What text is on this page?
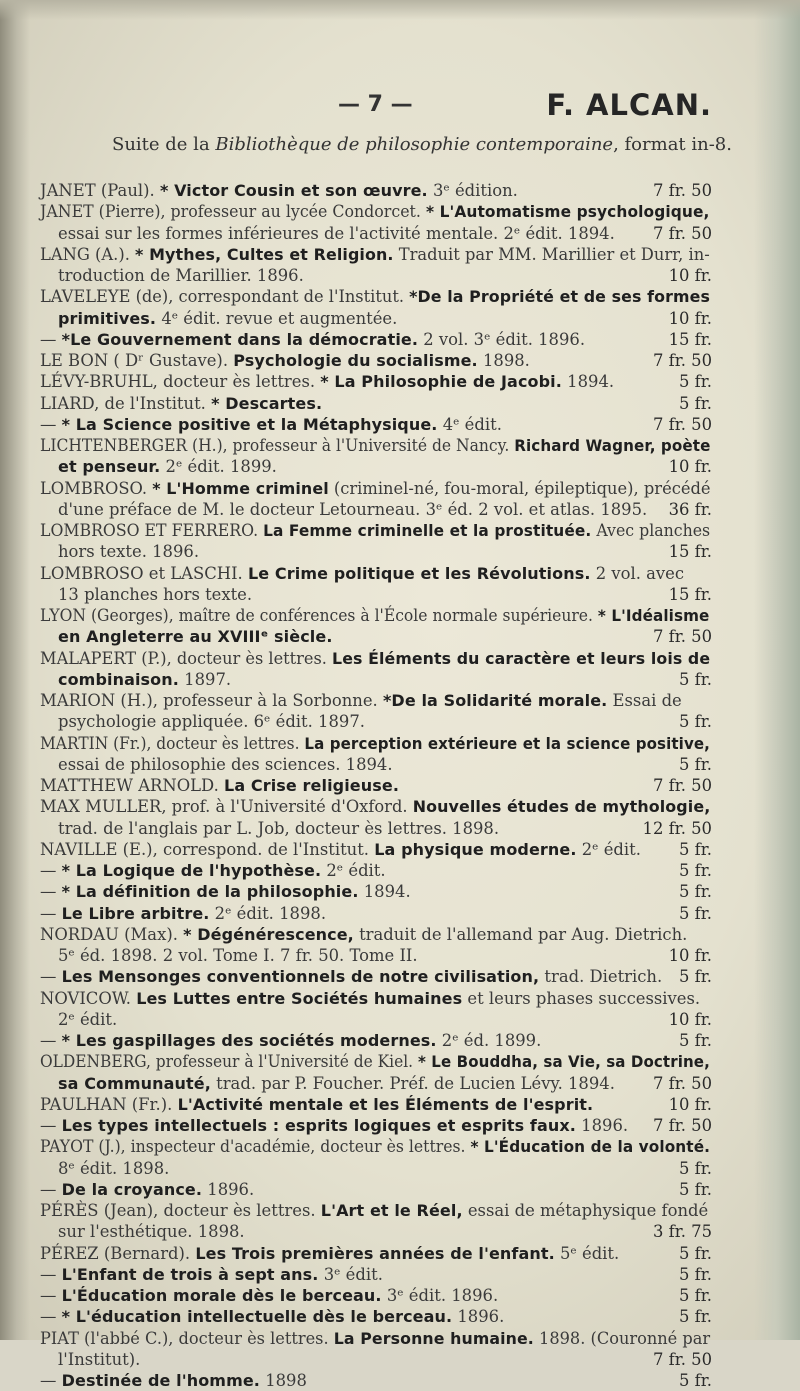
— 7 —	F. ALCAN.
Suite de la Bibliothèque de philosophie contemporaine, format in-8.
JANET (Paul). * Victor Cousin et son œuvre. 3ᵉ édition.	7 fr. 50
JANET (Pierre), professeur au lycée Condorcet. * L'Automatisme psychologique,
essai sur les formes inférieures de l'activité mentale. 2ᵉ édit. 1894. 7 fr. 50
LANG (A.). * Mythes, Cultes et Religion. Traduit par MM. Marillier et Durr, in-
troduction de Marillier. 1896.	10 fr.
LAVELEYE (de), correspondant de l'Institut. *De la Propriété et de ses formes
primitives. 4ᵉ édit. revue et augmentée.	10 fr.
— *Le Gouvernement dans la démocratie. 2 vol. 3ᵉ édit. 1896.	15 fr.
LE BON ( Dʳ Gustave). Psychologie du socialisme. 1898.	7 fr. 50
LÉVY-BRUHL, docteur ès lettres. * La Philosophie de Jacobi. 1894.	5 fr.
LIARD, de l'Institut. * Descartes.	5 fr.
— * La Science positive et la Métaphysique. 4ᵉ édit.	7 fr. 50
LICHTENBERGER (H.), professeur à l'Université de Nancy. Richard Wagner, poète
et penseur. 2ᵉ édit. 1899.	10 fr.
LOMBROSO. * L'Homme criminel (criminel-né, fou-moral, épileptique), précédé
d'une préface de M. le docteur Letourneau. 3ᵉ éd. 2 vol. et atlas. 1895. 36 fr.
LOMBROSO ET FERRERO. La Femme criminelle et la prostituée. Avec planches
hors texte. 1896.	15 fr.
LOMBROSO et LASCHI. Le Crime politique et les Révolutions. 2 vol. avec
13 planches hors texte.	15 fr.
LYON (Georges), maître de conférences à l'École normale supérieure. * L'Idéalisme
en Angleterre au XVIIIᵉ siècle.	7 fr. 50
MALAPERT (P.), docteur ès lettres. Les Éléments du caractère et leurs lois de
combinaison. 1897.	5 fr.
MARION (H.), professeur à la Sorbonne. *De la Solidarité morale. Essai de
psychologie appliquée. 6ᵉ édit. 1897.	5 fr.
MARTIN (Fr.), docteur ès lettres. La perception extérieure et la science positive,
essai de philosophie des sciences. 1894.	5 fr.
MATTHEW ARNOLD. La Crise religieuse.	7 fr. 50
MAX MULLER, prof. à l'Université d'Oxford. Nouvelles études de mythologie,
trad. de l'anglais par L. Job, docteur ès lettres. 1898.	12 fr. 50
NAVILLE (E.), correspond. de l'Institut. La physique moderne. 2ᵉ édit. 5 fr.
— * La Logique de l'hypothèse. 2ᵉ édit.	5 fr.
— * La définition de la philosophie. 1894.	5 fr.
— Le Libre arbitre. 2ᵉ édit. 1898.	5 fr.
NORDAU (Max). * Dégénérescence, traduit de l'allemand par Aug. Dietrich.
5ᵉ éd. 1898. 2 vol. Tome I. 7 fr. 50. Tome II.	10 fr.
— Les Mensonges conventionnels de notre civilisation, trad. Dietrich. 5 fr.
NOVICOW. Les Luttes entre Sociétés humaines et leurs phases successives.
2ᵉ édit.	10 fr.
— * Les gaspillages des sociétés modernes. 2ᵉ éd. 1899.	5 fr.
OLDENBERG, professeur à l'Université de Kiel. * Le Bouddha, sa Vie, sa Doctrine,
sa Communauté, trad. par P. Foucher. Préf. de Lucien Lévy. 1894. 7 fr. 50
PAULHAN (Fr.). L'Activité mentale et les Éléments de l'esprit.	10 fr.
— Les types intellectuels : esprits logiques et esprits faux. 1896. 7 fr. 50
PAYOT (J.), inspecteur d'académie, docteur ès lettres. * L'Éducation de la volonté.
8ᵉ édit. 1898.	5 fr.
— De la croyance. 1896.	5 fr.
PÉRÈS (Jean), docteur ès lettres. L'Art et le Réel, essai de métaphysique fondé
sur l'esthétique. 1898.	3 fr. 75
PÉREZ (Bernard). Les Trois premières années de l'enfant. 5ᵉ édit.	5 fr.
— L'Enfant de trois à sept ans. 3ᵉ édit.	5 fr.
— L'Éducation morale dès le berceau. 3ᵉ édit. 1896.	5 fr.
— * L'éducation intellectuelle dès le berceau. 1896.	5 fr.
PIAT (l'abbé C.), docteur ès lettres. La Personne humaine. 1898. (Couronné par
l'Institut).	7 fr. 50
— Destinée de l'homme. 1898	5 fr.
